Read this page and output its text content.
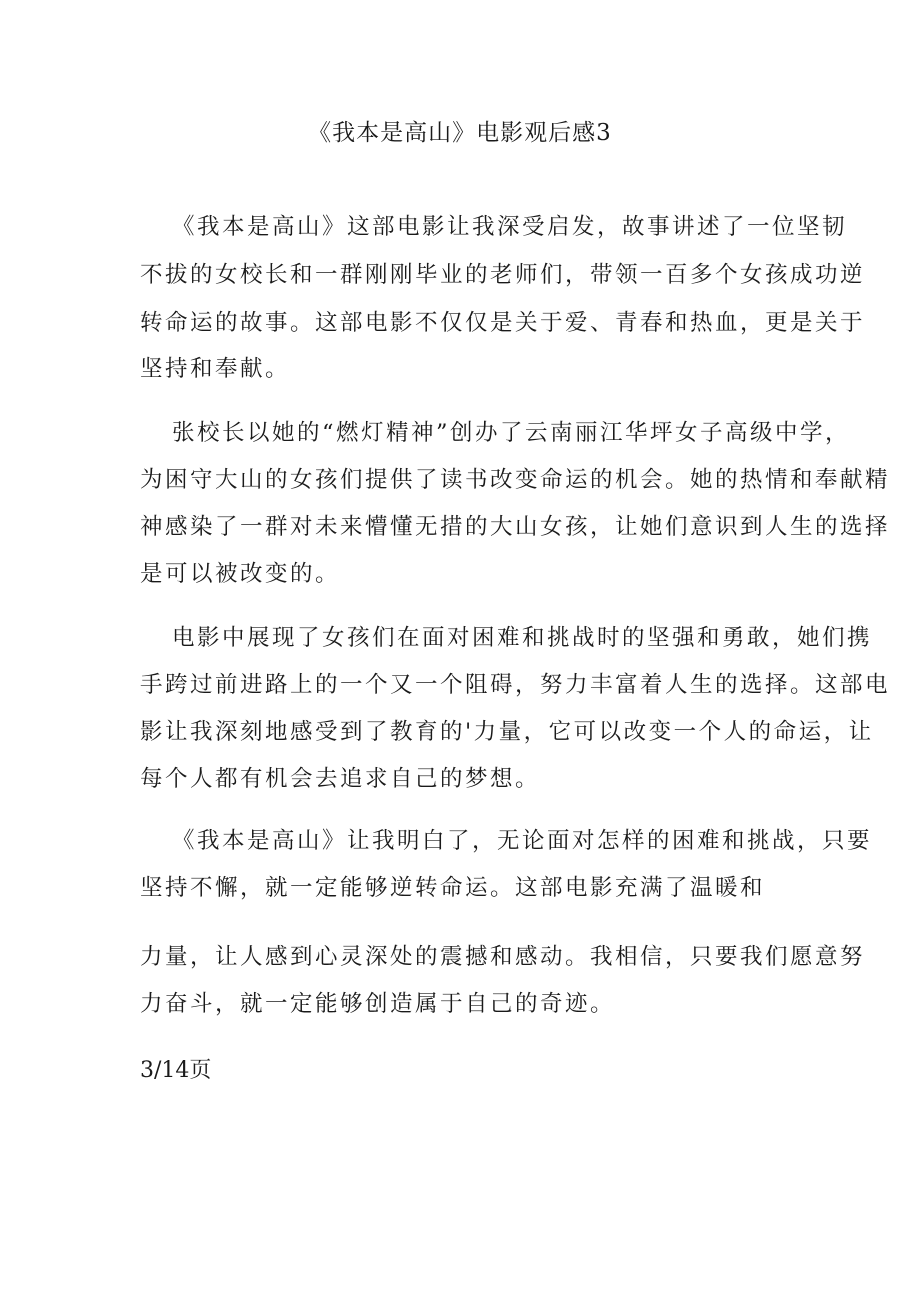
《我本是高山》电影观后感3
《我本是高山》这部电影让我深受启发，故事讲述了一位坚韧
不拔的女校长和一群刚刚毕业的老师们，带领一百多个女孩成功逆
转命运的故事。这部电影不仅仅是关于爱、青春和热血，更是关于
坚持和奉献。
张校长以她的“燃灯精神”创办了云南丽江华坪女子高级中学，
为困守大山的女孩们提供了读书改变命运的机会。她的热情和奉献精
神感染了一群对未来懵懂无措的大山女孩，让她们意识到人生的选择
是可以被改变的。
电影中展现了女孩们在面对困难和挑战时的坚强和勇敢，她们携
手跨过前进路上的一个又一个阻碍，努力丰富着人生的选择。这部电
影让我深刻地感受到了教育的'力量，它可以改变一个人的命运，让
每个人都有机会去追求自己的梦想。
《我本是高山》让我明白了，无论面对怎样的困难和挑战，只要
坚持不懈，就一定能够逆转命运。这部电影充满了温暖和
力量，让人感到心灵深处的震撼和感动。我相信，只要我们愿意努
力奋斗，就一定能够创造属于自己的奇迹。
3/14页
